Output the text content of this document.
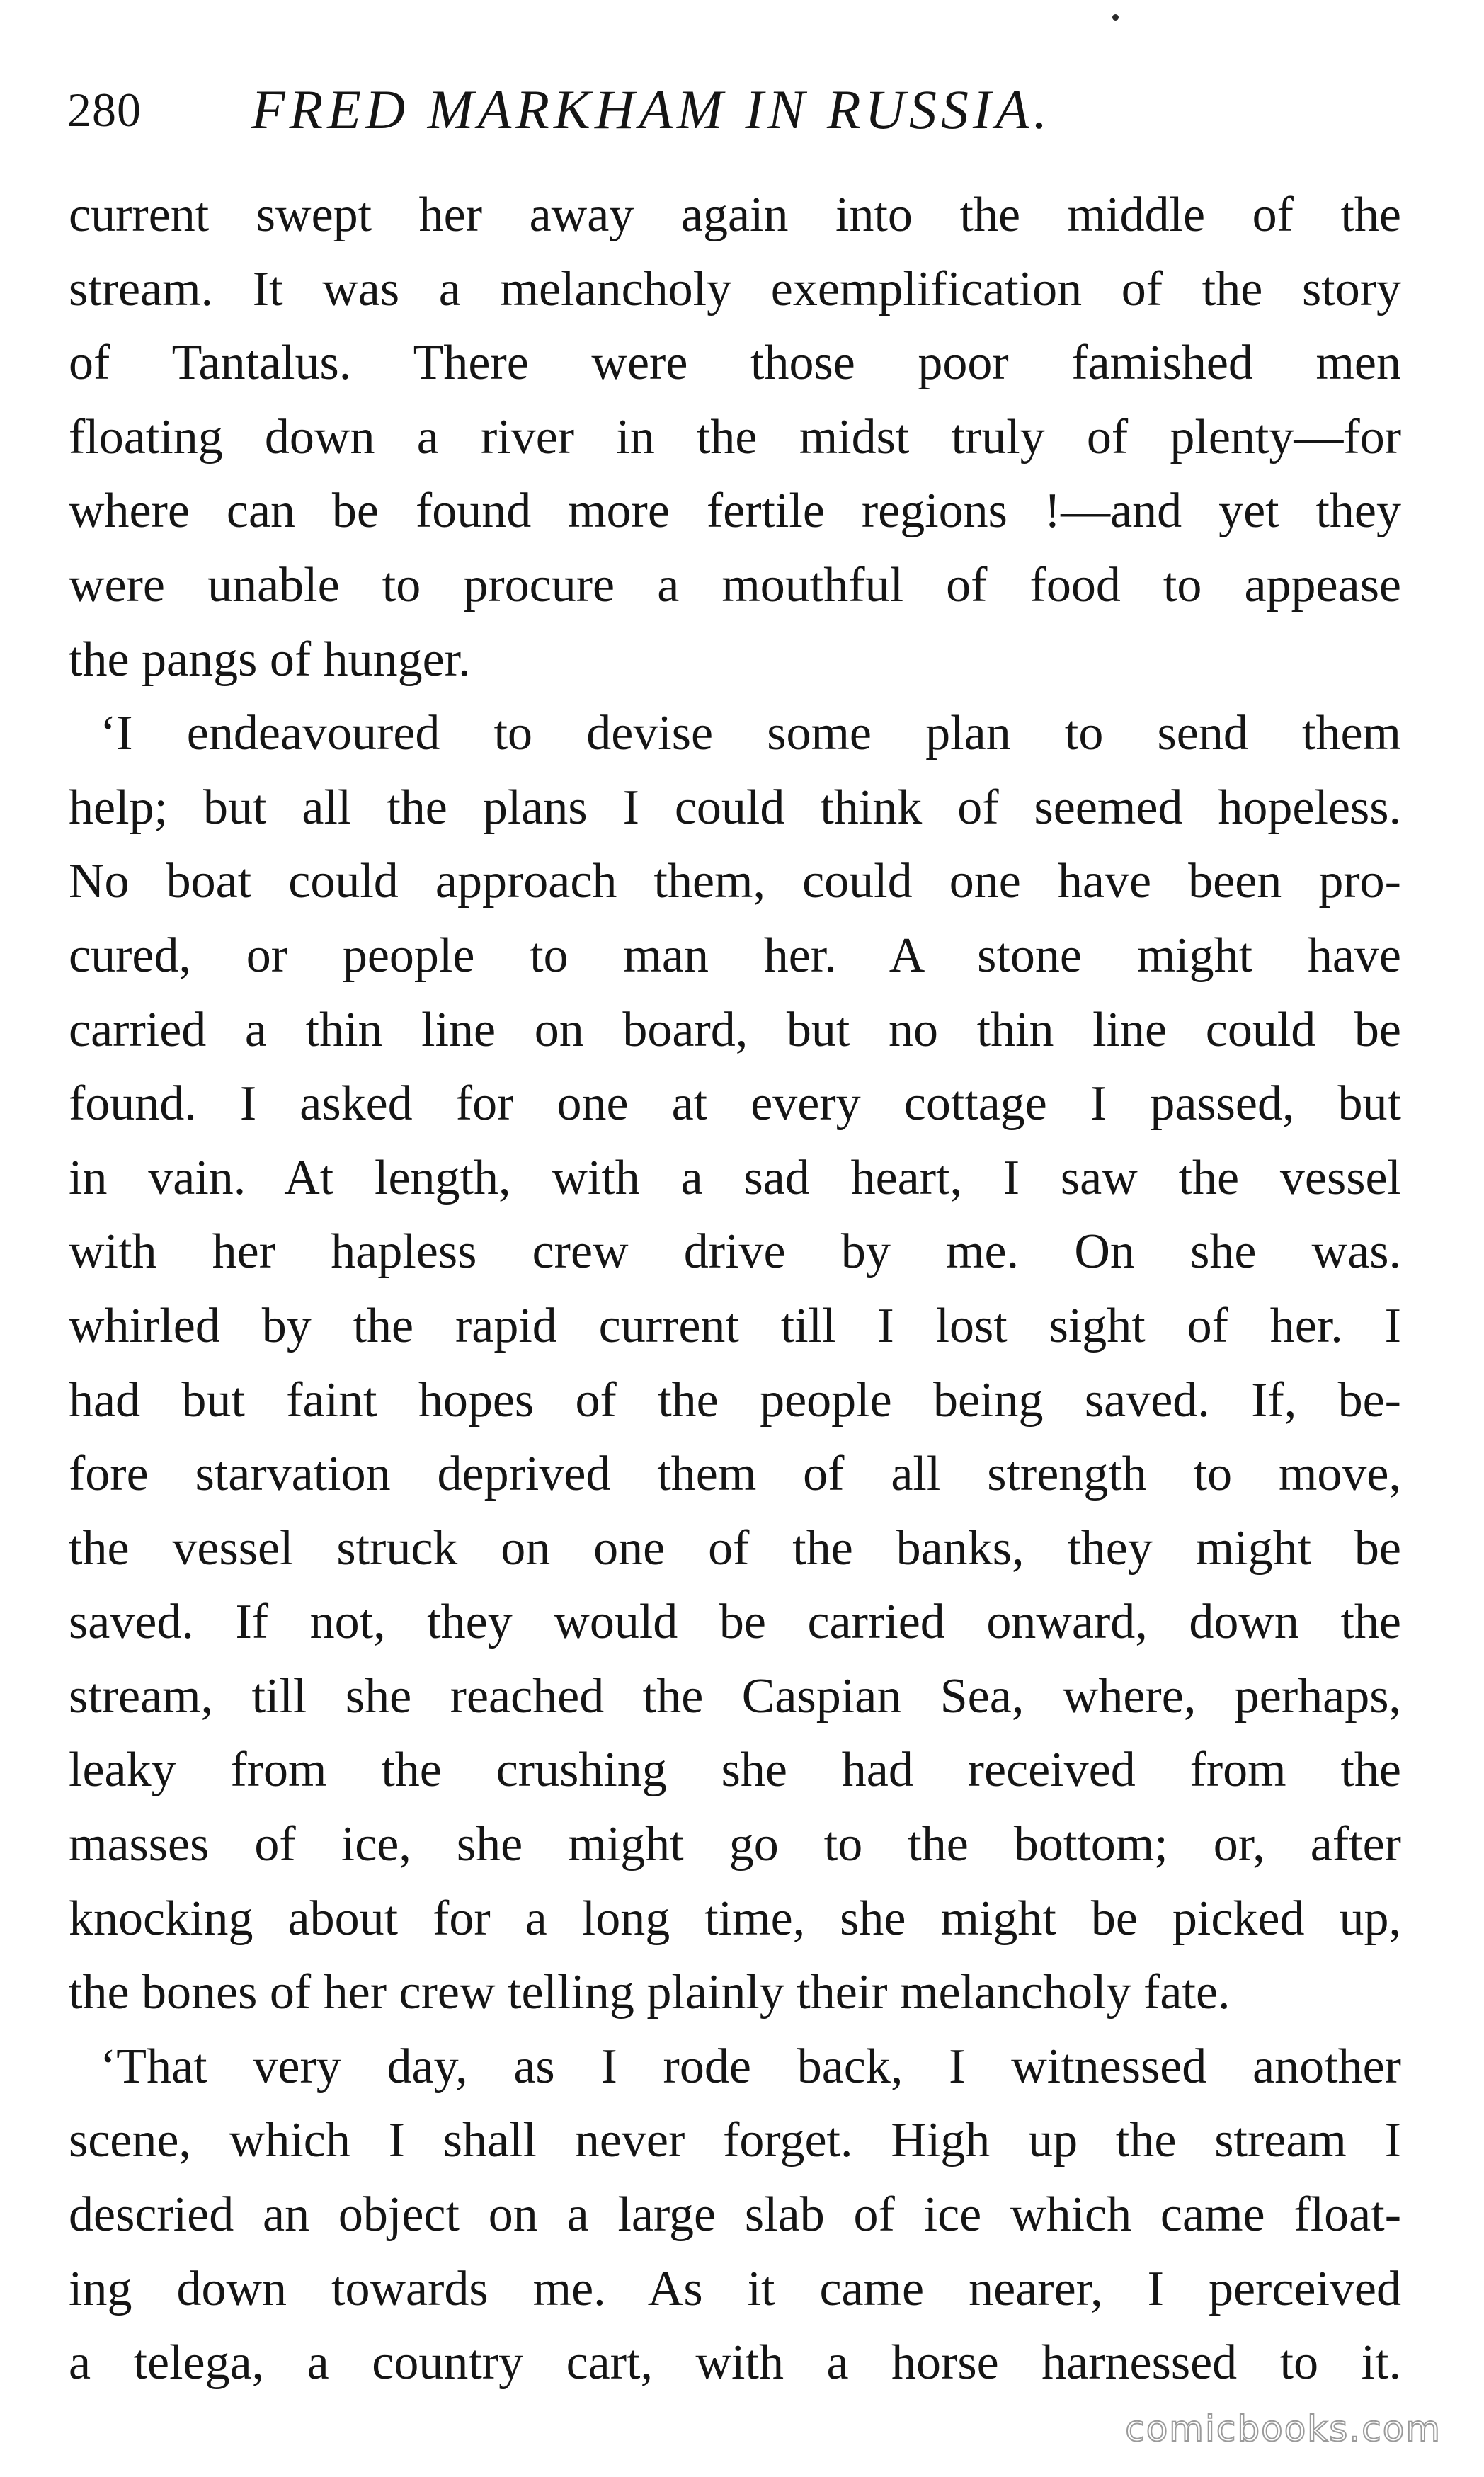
280 FRED MARKHAM IN RUSSIA.
current swept her away again into the middle of the
stream. It was a melancholy exemplification of the story
of Tantalus. There were those poor famished men
floating down a river in the midst truly of plenty—for
where can be found more fertile regions !—and yet they
were unable to procure a mouthful of food to appease
the pangs of hunger.
‘I endeavoured to devise some plan to send them
help; but all the plans I could think of seemed hopeless.
No boat could approach them, could one have been pro-
cured, or people to man her. A stone might have
carried a thin line on board, but no thin line could be
found. I asked for one at every cottage I passed, but
in vain. At length, with a sad heart, I saw the vessel
with her hapless crew drive by me. On she was.
whirled by the rapid current till I lost sight of her. I
had but faint hopes of the people being saved. If, be-
fore starvation deprived them of all strength to move,
the vessel struck on one of the banks, they might be
saved. If not, they would be carried onward, down the
stream, till she reached the Caspian Sea, where, perhaps,
leaky from the crushing she had received from the
masses of ice, she might go to the bottom; or, after
knocking about for a long time, she might be picked up,
the bones of her crew telling plainly their melancholy fate.
‘That very day, as I rode back, I witnessed another
scene, which I shall never forget. High up the stream I
descried an object on a large slab of ice which came float-
ing down towards me. As it came nearer, I perceived
a telega, a country cart, with a horse harnessed to it.
comicbooks.com
